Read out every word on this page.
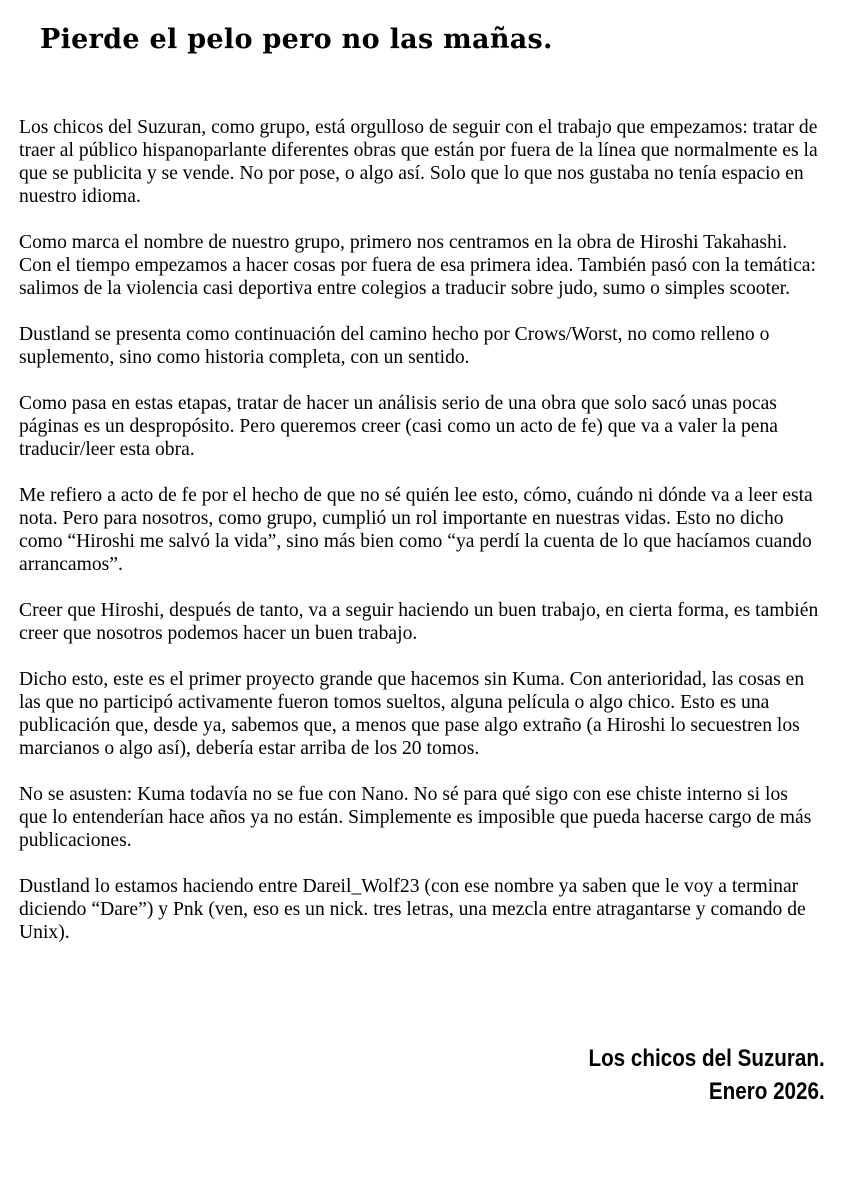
Pierde el pelo pero no las mañas.

Los chicos del Suzuran, como grupo, está orgulloso de seguir con el trabajo que empezamos: tratar de traer al público hispanoparlante diferentes obras que están por fuera de la línea que normalmente es la que se publicita y se vende. No por pose, o algo así. Solo que lo que nos gustaba no tenía espacio en nuestro idioma.

Como marca el nombre de nuestro grupo, primero nos centramos en la obra de Hiroshi Takahashi. Con el tiempo empezamos a hacer cosas por fuera de esa primera idea. También pasó con la temática: salimos de la violencia casi deportiva entre colegios a traducir sobre judo, sumo o simples scooter.

Dustland se presenta como continuación del camino hecho por Crows/Worst, no como relleno o suplemento, sino como historia completa, con un sentido.

Como pasa en estas etapas, tratar de hacer un análisis serio de una obra que solo sacó unas pocas páginas es un despropósito. Pero queremos creer (casi como un acto de fe) que va a valer la pena traducir/leer esta obra.

Me refiero a acto de fe por el hecho de que no sé quién lee esto, cómo, cuándo ni dónde va a leer esta nota. Pero para nosotros, como grupo, cumplió un rol importante en nuestras vidas. Esto no dicho como “Hiroshi me salvó la vida”, sino más bien como “ya perdí la cuenta de lo que hacíamos cuando arrancamos”.

Creer que Hiroshi, después de tanto, va a seguir haciendo un buen trabajo, en cierta forma, es también creer que nosotros podemos hacer un buen trabajo.

Dicho esto, este es el primer proyecto grande que hacemos sin Kuma. Con anterioridad, las cosas en las que no participó activamente fueron tomos sueltos, alguna película o algo chico. Esto es una publicación que, desde ya, sabemos que, a menos que pase algo extraño (a Hiroshi lo secuestren los marcianos o algo así), debería estar arriba de los 20 tomos.

No se asusten: Kuma todavía no se fue con Nano. No sé para qué sigo con ese chiste interno si los que lo entenderían hace años ya no están. Simplemente es imposible que pueda hacerse cargo de más publicaciones.

Dustland lo estamos haciendo entre Dareil_Wolf23 (con ese nombre ya saben que le voy a terminar diciendo “Dare”) y Pnk (ven, eso es un nick. tres letras, una mezcla entre atragantarse y comando de Unix).

Los chicos del Suzuran.
Enero 2026.
